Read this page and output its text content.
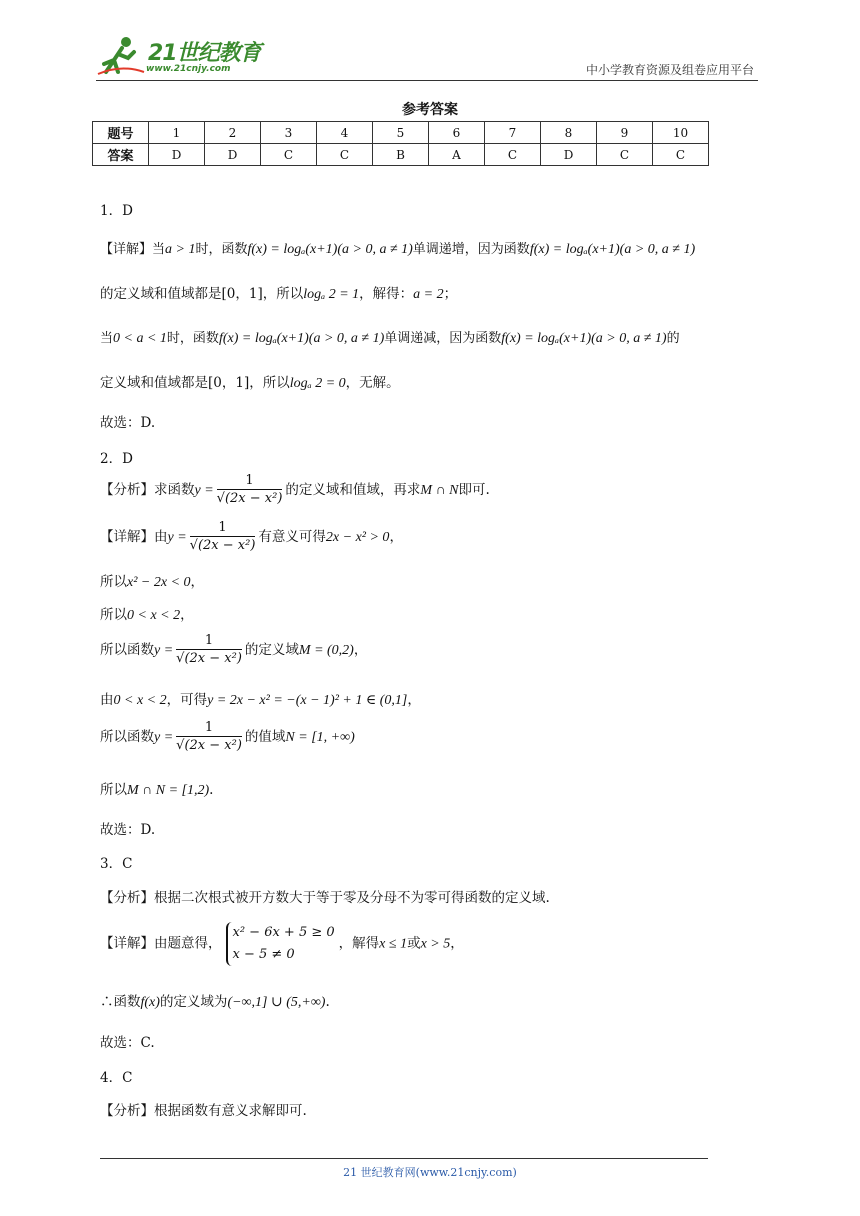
21世纪教育
www.21cnjy.com	中小学教育资源及组卷应用平台
参考答案
题号	1	2	3	4	5	6	7	8	9	10
答案	D	D	C	C	B	A	C	D	C	C
1．D
【详解】当a > 1时，函数f(x) = logₐ(x+1)(a > 0, a ≠ 1)单调递增，因为函数f(x) = logₐ(x+1)(a > 0, a ≠ 1)
的定义域和值域都是[0，1]，所以logₐ 2 = 1，解得：a = 2；
当0 < a < 1时，函数f(x) = logₐ(x+1)(a > 0, a ≠ 1)单调递减，因为函数f(x) = logₐ(x+1)(a > 0, a ≠ 1)的
定义域和值域都是[0，1]，所以logₐ 2 = 0，无解。
故选：D.
2．D
【分析】求函数$y = \frac{1}{\text{√(2x − x²)}}$ 的定义域和值域，再求M ∩ N即可.
【详解】由$y = \frac{1}{\text{√(2x − x²)}}$ 有意义可得2x − x² > 0，
所以x² − 2x < 0，
所以0 < x < 2，
所以函数$y = \frac{1}{\text{√(2x − x²)}}$ 的定义域M = (0,2)，
由0 < x < 2，可得y = 2x − x² = −(x − 1)² + 1 ∈ (0,1]，
所以函数$y = \frac{1}{\text{√(2x − x²)}}$ 的值域N = [1, +∞)
所以M ∩ N = [1,2).
故选：D.
3．C
【分析】根据二次根式被开方数大于等于零及分母不为零可得函数的定义域.
【详解】由题意得，
x² − 6x + 5 ≥ 0
x − 5 ≠ 0
，解得x ≤ 1或x > 5，
∴函数f(x)的定义域为(−∞,1] ∪ (5,+∞).
故选：C.
4．C
【分析】根据函数有意义求解即可.
21 世纪教育网(www.21cnjy.com)
